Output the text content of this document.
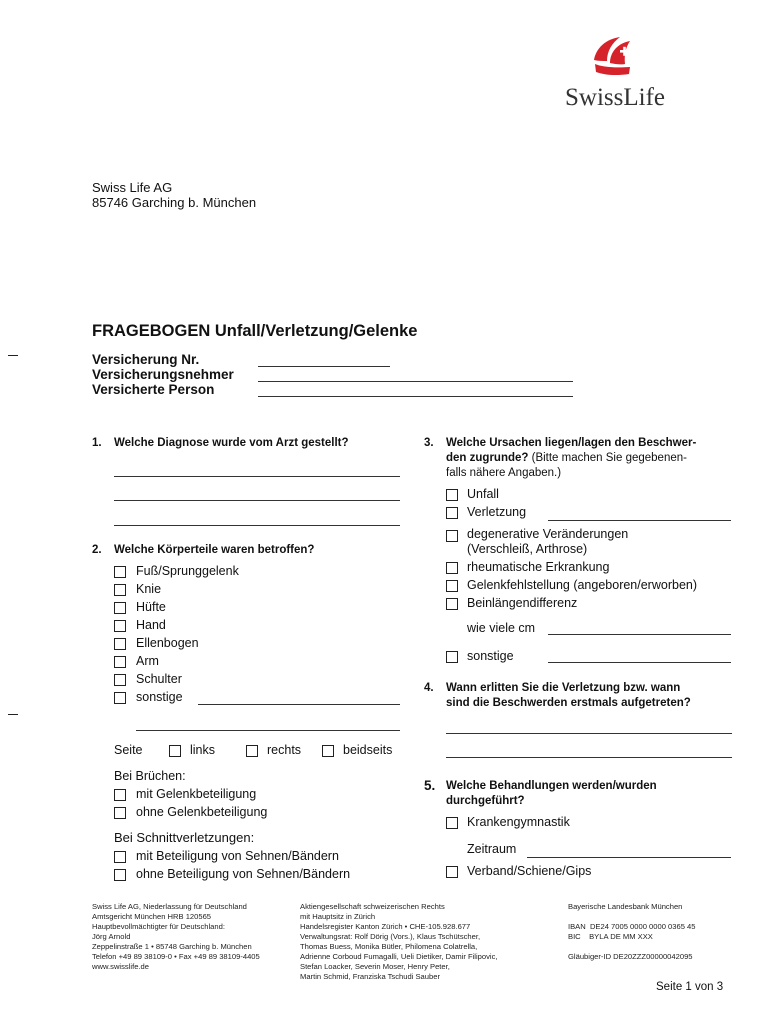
SwissLife
Swiss Life AG
85746 Garching b. München
FRAGEBOGEN Unfall/Verletzung/Gelenke
Versicherung Nr.
Versicherungsnehmer
Versicherte Person
1. Welche Diagnose wurde vom Arzt gestellt?
2. Welche Körperteile waren betroffen?
Fuß/Sprunggelenk
Knie
Hüfte
Hand
Ellenbogen
Arm
Schulter
sonstige
Seite	links	rechts	beidseits
Bei Brüchen:
mit Gelenkbeteiligung
ohne Gelenkbeteiligung
Bei Schnittverletzungen:
mit Beteiligung von Sehnen/Bändern
ohne Beteiligung von Sehnen/Bändern
3. Welche Ursachen liegen/lagen den Beschwer-
den zugrunde? (Bitte machen Sie gegebenen-
falls nähere Angaben.)
Unfall
Verletzung
degenerative Veränderungen
(Verschleiß, Arthrose)
rheumatische Erkrankung
Gelenkfehlstellung (angeboren/erworben)
Beinlängendifferenz
wie viele cm
sonstige
4. Wann erlitten Sie die Verletzung bzw. wann
sind die Beschwerden erstmals aufgetreten?
5. Welche Behandlungen werden/wurden
durchgeführt?
Krankengymnastik
Zeitraum
Verband/Schiene/Gips
Swiss Life AG, Niederlassung für Deutschland
Amtsgericht München HRB 120565
Hauptbevollmächtigter für Deutschland:
Jörg Arnold
Zeppelinstraße 1 • 85748 Garching b. München
Telefon +49 89 38109-0 • Fax +49 89 38109-4405
www.swisslife.de
Aktiengesellschaft schweizerischen Rechts
mit Hauptsitz in Zürich
Handelsregister Kanton Zürich • CHE-105.928.677
Verwaltungsrat: Rolf Dörig (Vors.), Klaus Tschütscher,
Thomas Buess, Monika Bütler, Philomena Colatrella,
Adrienne Corboud Fumagalli, Ueli Dietiker, Damir Filipovic,
Stefan Loacker, Severin Moser, Henry Peter,
Martin Schmid, Franziska Tschudi Sauber
Bayerische Landesbank München
IBAN  DE24 7005 0000 0000 0365 45
BIC    BYLA DE MM XXX
Gläubiger-ID DE20ZZZ00000042095
Seite 1 von 3
